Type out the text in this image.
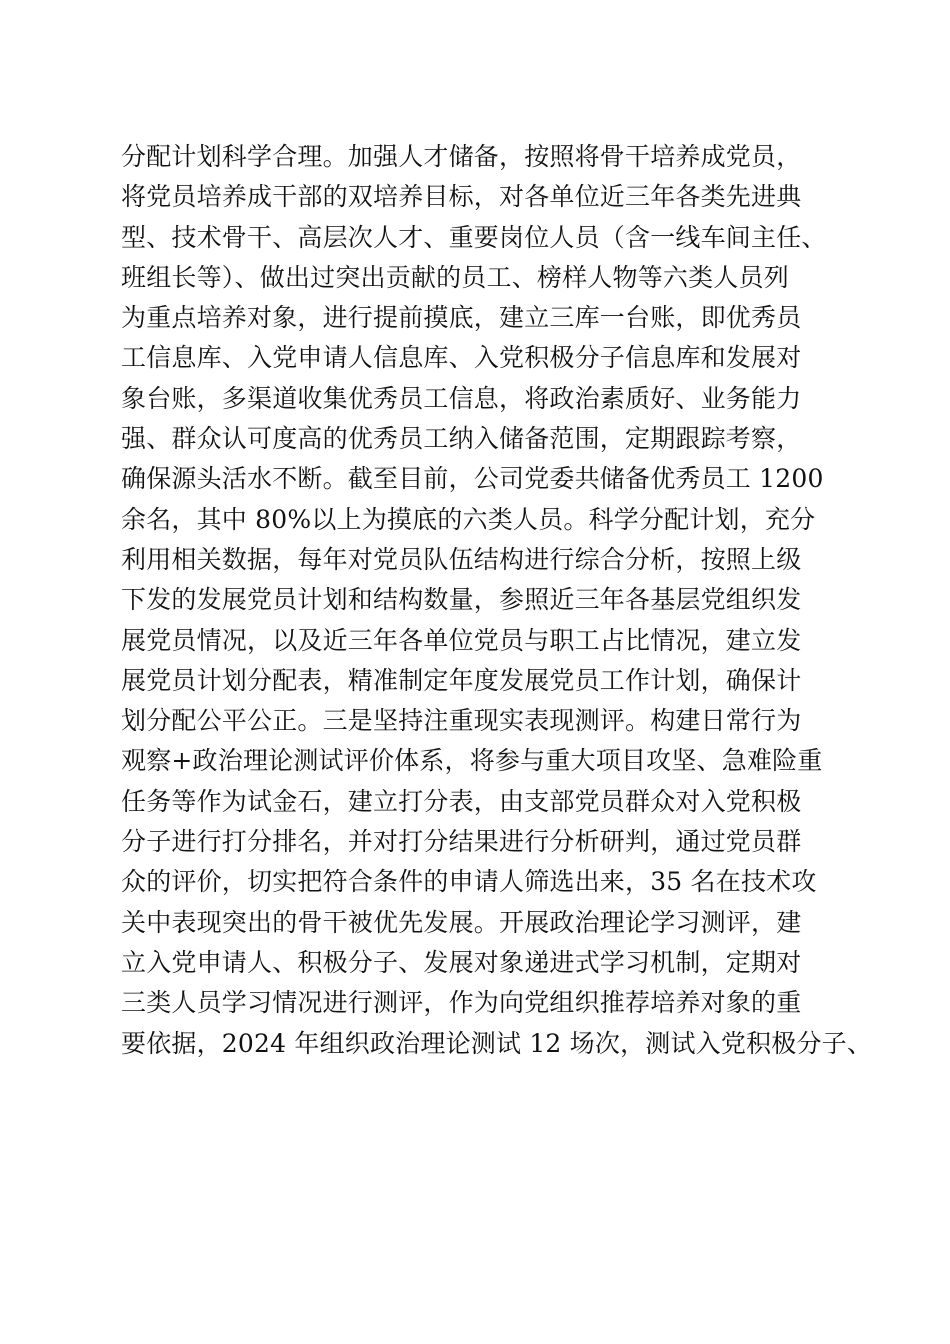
分配计划科学合理。加强人才储备，按照将骨干培养成党员，
将党员培养成干部的双培养目标，对各单位近三年各类先进典
型、技术骨干、高层次人才、重要岗位人员（含一线车间主任、
班组长等）、做出过突出贡献的员工、榜样人物等六类人员列
为重点培养对象，进行提前摸底，建立三库一台账，即优秀员
工信息库、入党申请人信息库、入党积极分子信息库和发展对
象台账，多渠道收集优秀员工信息，将政治素质好、业务能力
强、群众认可度高的优秀员工纳入储备范围，定期跟踪考察，
确保源头活水不断。截至目前，公司党委共储备优秀员工 1200
余名，其中 80%以上为摸底的六类人员。科学分配计划，充分
利用相关数据，每年对党员队伍结构进行综合分析，按照上级
下发的发展党员计划和结构数量，参照近三年各基层党组织发
展党员情况，以及近三年各单位党员与职工占比情况，建立发
展党员计划分配表，精准制定年度发展党员工作计划，确保计
划分配公平公正。三是坚持注重现实表现测评。构建日常行为
观察+政治理论测试评价体系，将参与重大项目攻坚、急难险重
任务等作为试金石，建立打分表，由支部党员群众对入党积极
分子进行打分排名，并对打分结果进行分析研判，通过党员群
众的评价，切实把符合条件的申请人筛选出来，35 名在技术攻
关中表现突出的骨干被优先发展。开展政治理论学习测评，建
立入党申请人、积极分子、发展对象递进式学习机制，定期对
三类人员学习情况进行测评，作为向党组织推荐培养对象的重
要依据，2024 年组织政治理论测试 12 场次，测试入党积极分子、
